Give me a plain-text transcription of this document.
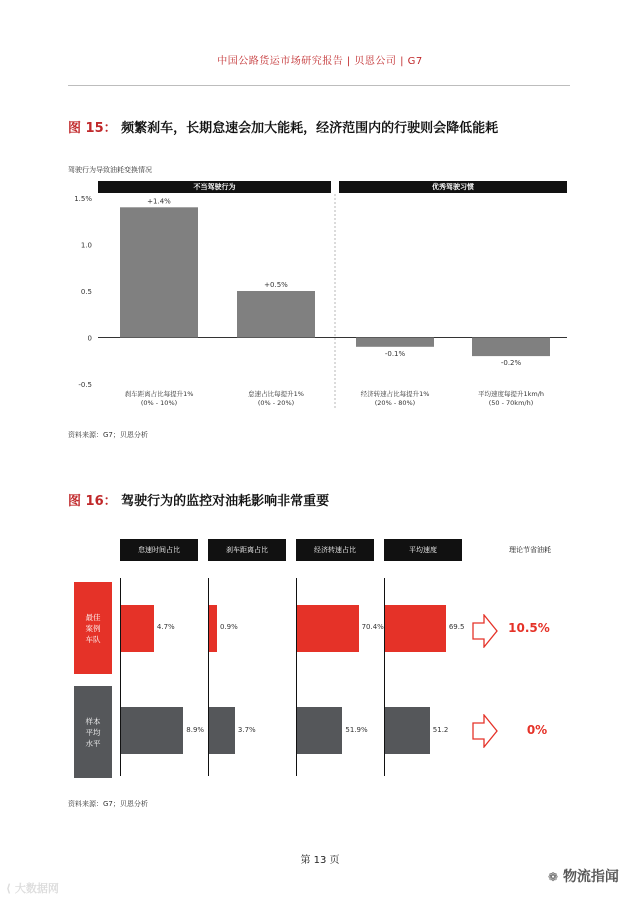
中国公路货运市场研究报告 | 贝恩公司 | G7
图 15： 频繁刹车，长期怠速会加大能耗，经济范围内的行驶则会降低能耗
驾驶行为导致油耗变换情况
不当驾驶行为	优秀驾驶习惯
1.5%
1.0
0.5
0
-0.5
+1.4%
刹车距离占比每提升1%
(0% - 10%)
+0.5%
怠速占比每提升1%
(0% - 20%)
-0.1%
经济转速占比每提升1%
(20% - 80%)
-0.2%
平均速度每提升1km/h
(50 - 70km/h)
资料来源：G7；贝恩分析
图 16： 驾驶行为的监控对油耗影响非常重要
最佳案例车队
样本平均水平
怠速时间占比
4.7%
8.9%
刹车距离占比
0.9%
3.7%
经济转速占比
70.4%
51.9%
平均速度
69.5
51.2
理论节省油耗
10.5%
0%
资料来源：G7；贝恩分析
第 13 页
⟨ 大数据网
❁ 物流指闻
